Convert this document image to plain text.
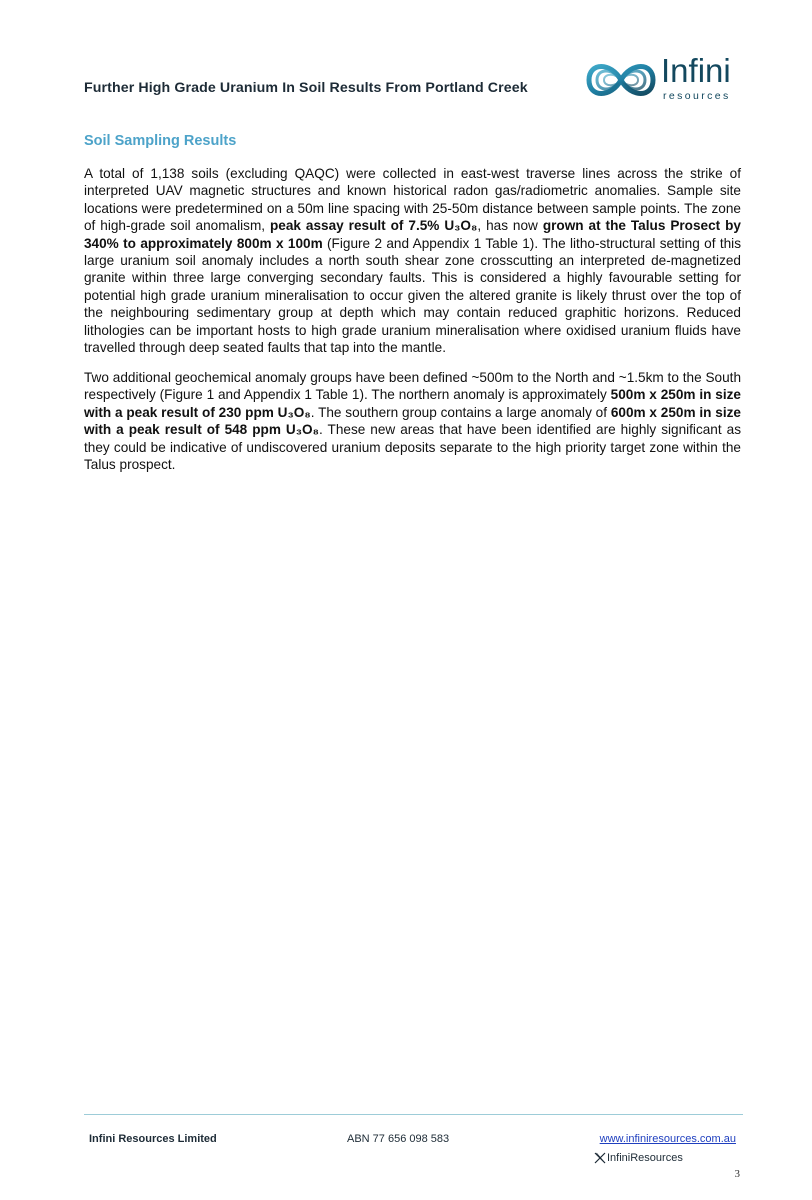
Further High Grade Uranium In Soil Results From Portland Creek	Infini
resources
Soil Sampling Results
A total of 1,138 soils (excluding QAQC) were collected in east-west traverse lines across the strike of interpreted UAV magnetic structures and known historical radon gas/radiometric anomalies. Sample site locations were predetermined on a 50m line spacing with 25-50m distance between sample points. The zone of high-grade soil anomalism, peak assay result of 7.5% U₃O₈, has now grown at the Talus Prosect by 340% to approximately 800m x 100m (Figure 2 and Appendix 1 Table 1). The litho-structural setting of this large uranium soil anomaly includes a north south shear zone crosscutting an interpreted de-magnetized granite within three large converging secondary faults. This is considered a highly favourable setting for potential high grade uranium mineralisation to occur given the altered granite is likely thrust over the top of the neighbouring sedimentary group at depth which may contain reduced graphitic horizons. Reduced lithologies can be important hosts to high grade uranium mineralisation where oxidised uranium fluids have travelled through deep seated faults that tap into the mantle.
Two additional geochemical anomaly groups have been defined ~500m to the North and ~1.5km to the South respectively (Figure 1 and Appendix 1 Table 1). The northern anomaly is approximately 500m x 250m in size with a peak result of 230 ppm U₃O₈. The southern group contains a large anomaly of 600m x 250m in size with a peak result of 548 ppm U₃O₈. These new areas that have been identified are highly significant as they could be indicative of undiscovered uranium deposits separate to the high priority target zone within the Talus prospect.
Infini Resources Limited	ABN 77 656 098 583	www.infiniresources.com.au
InfiniResources
3
